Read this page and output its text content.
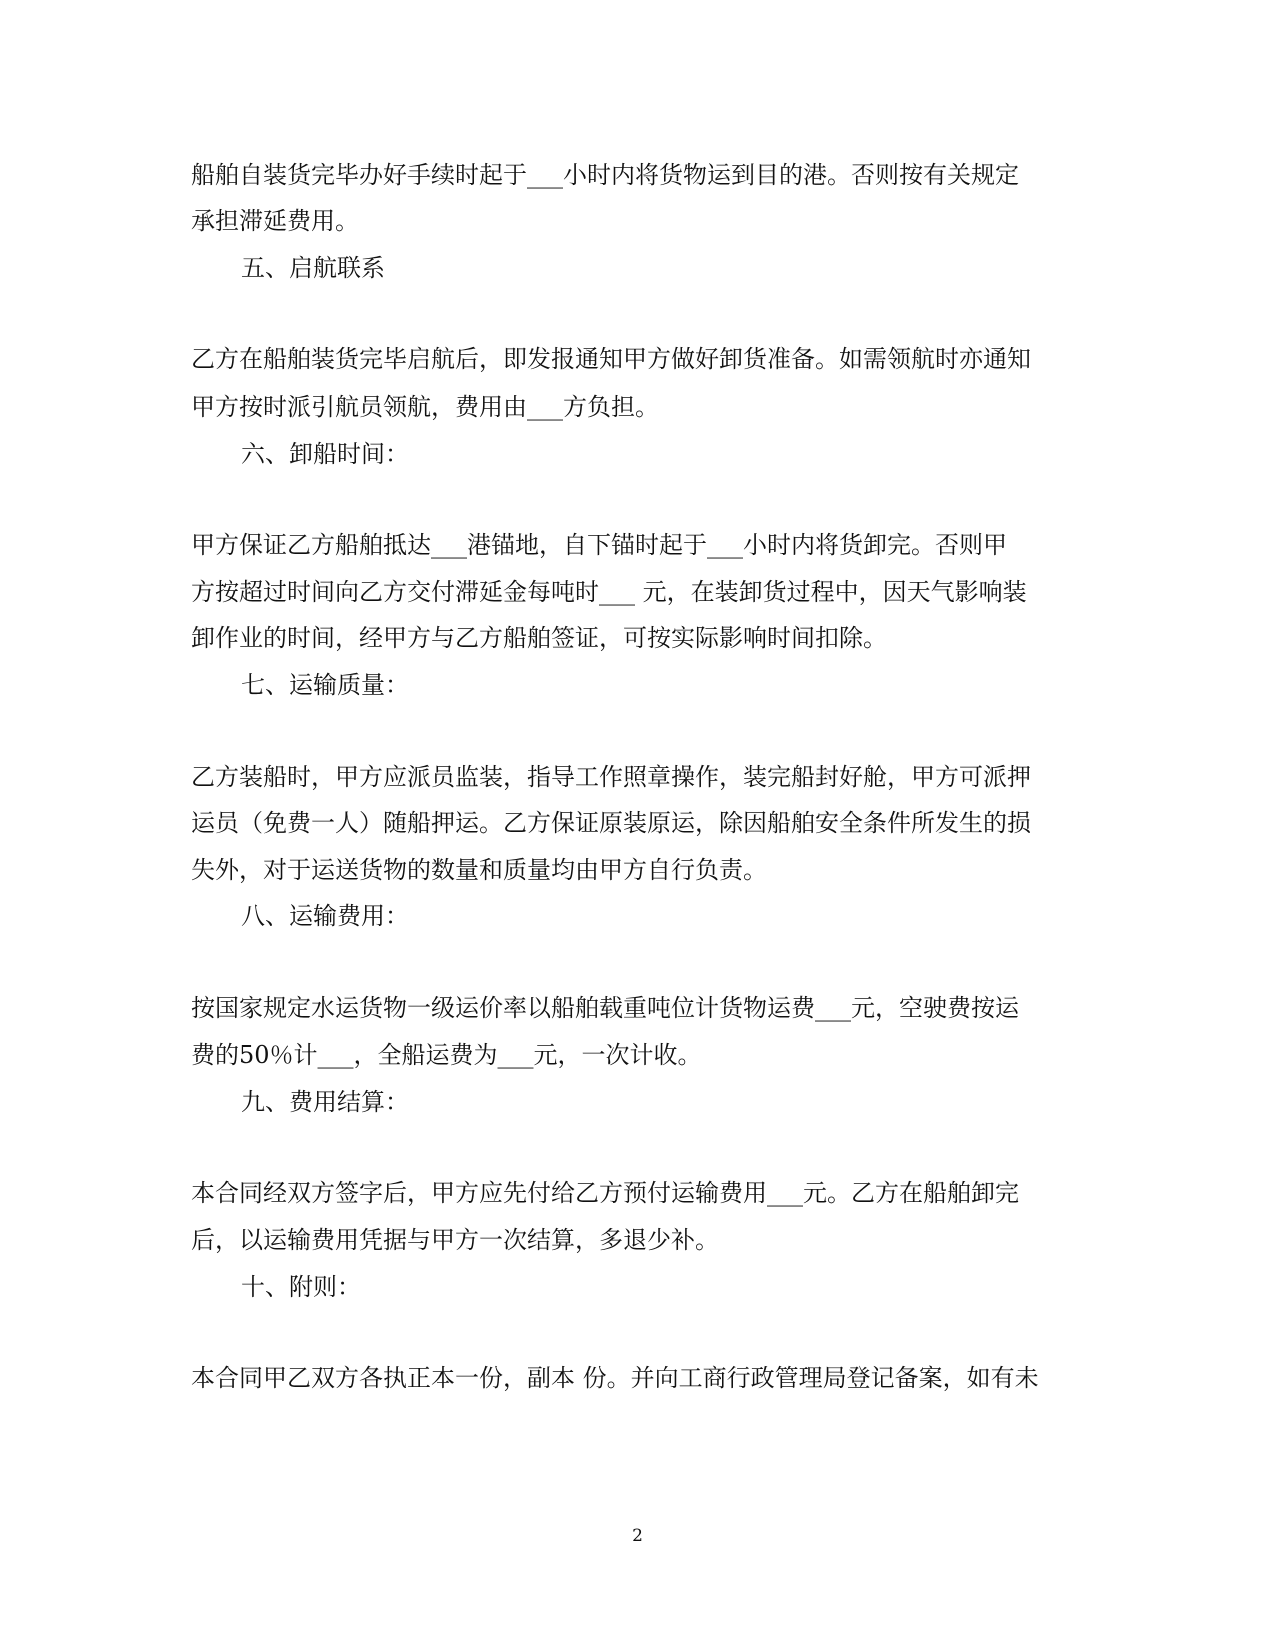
船舶自装货完毕办好手续时起于___小时内将货物运到目的港。否则按有关规定
承担滞延费用。
五、启航联系
乙方在船舶装货完毕启航后，即发报通知甲方做好卸货准备。如需领航时亦通知
甲方按时派引航员领航，费用由___方负担。
六、卸船时间：
甲方保证乙方船舶抵达___港锚地，自下锚时起于___小时内将货卸完。否则甲
方按超过时间向乙方交付滞延金每吨时___ 元，在装卸货过程中，因天气影响装
卸作业的时间，经甲方与乙方船舶签证，可按实际影响时间扣除。
七、运输质量：
乙方装船时，甲方应派员监装，指导工作照章操作，装完船封好舱，甲方可派押
运员（免费一人）随船押运。乙方保证原装原运，除因船舶安全条件所发生的损
失外，对于运送货物的数量和质量均由甲方自行负责。
八、运输费用：
按国家规定水运货物一级运价率以船舶载重吨位计货物运费___元，空驶费按运
费的50％计___，全船运费为___元，一次计收。
九、费用结算：
本合同经双方签字后，甲方应先付给乙方预付运输费用___元。乙方在船舶卸完
后，以运输费用凭据与甲方一次结算，多退少补。
十、附则：
本合同甲乙双方各执正本一份，副本 份。并向工商行政管理局登记备案，如有未
2
